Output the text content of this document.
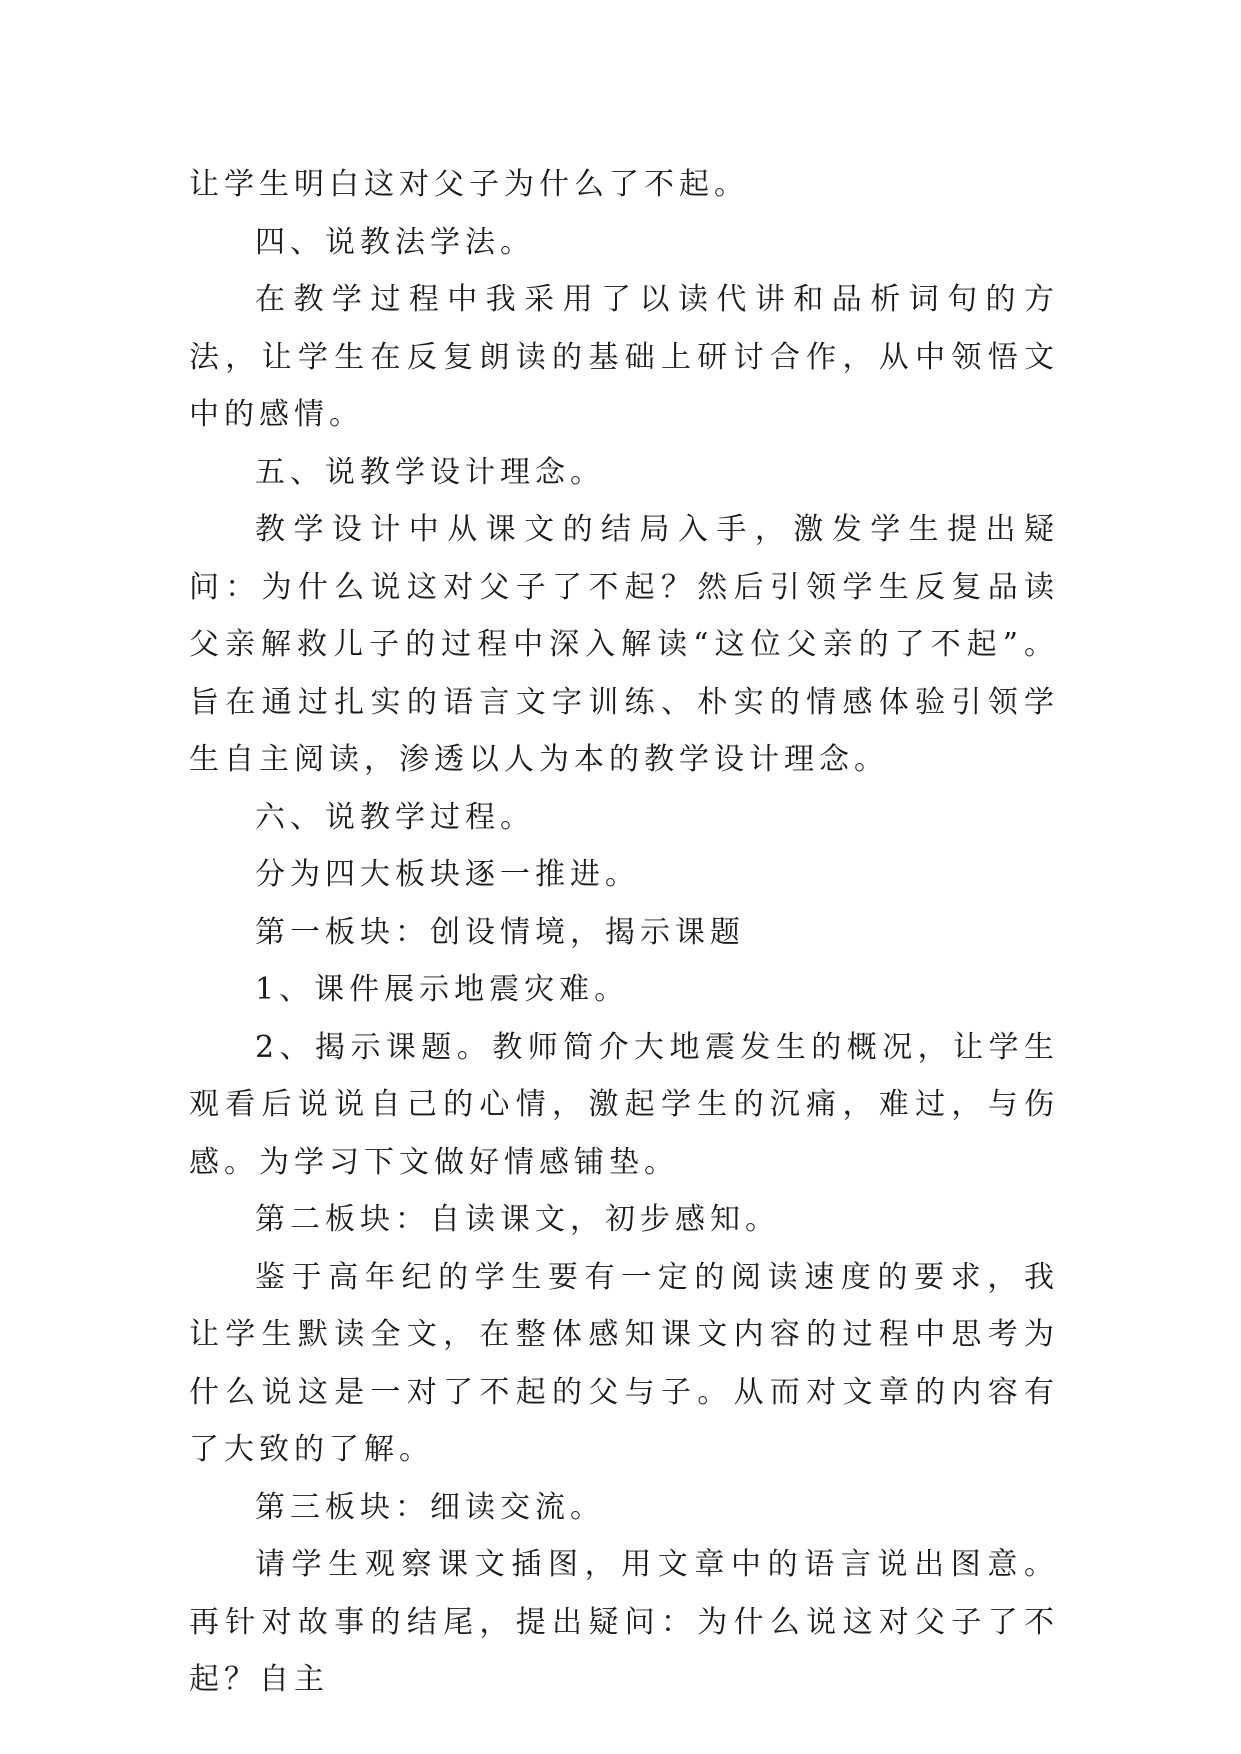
让学生明白这对父子为什么了不起。

四、说教法学法。

在教学过程中我采用了以读代讲和品析词句的方法，让学生在反复朗读的基础上研讨合作，从中领悟文中的感情。

五、说教学设计理念。

教学设计中从课文的结局入手，激发学生提出疑问：为什么说这对父子了不起？然后引领学生反复品读父亲解救儿子的过程中深入解读“这位父亲的了不起”。旨在通过扎实的语言文字训练、朴实的情感体验引领学生自主阅读，渗透以人为本的教学设计理念。

六、说教学过程。

分为四大板块逐一推进。

第一板块：创设情境，揭示课题

1、课件展示地震灾难。

2、揭示课题。教师简介大地震发生的概况，让学生观看后说说自己的心情，激起学生的沉痛，难过，与伤感。为学习下文做好情感铺垫。

第二板块：自读课文，初步感知。

鉴于高年纪的学生要有一定的阅读速度的要求，我让学生默读全文，在整体感知课文内容的过程中思考为什么说这是一对了不起的父与子。从而对文章的内容有了大致的了解。

第三板块：细读交流。

请学生观察课文插图，用文章中的语言说出图意。再针对故事的结尾，提出疑问：为什么说这对父子了不起？自主
